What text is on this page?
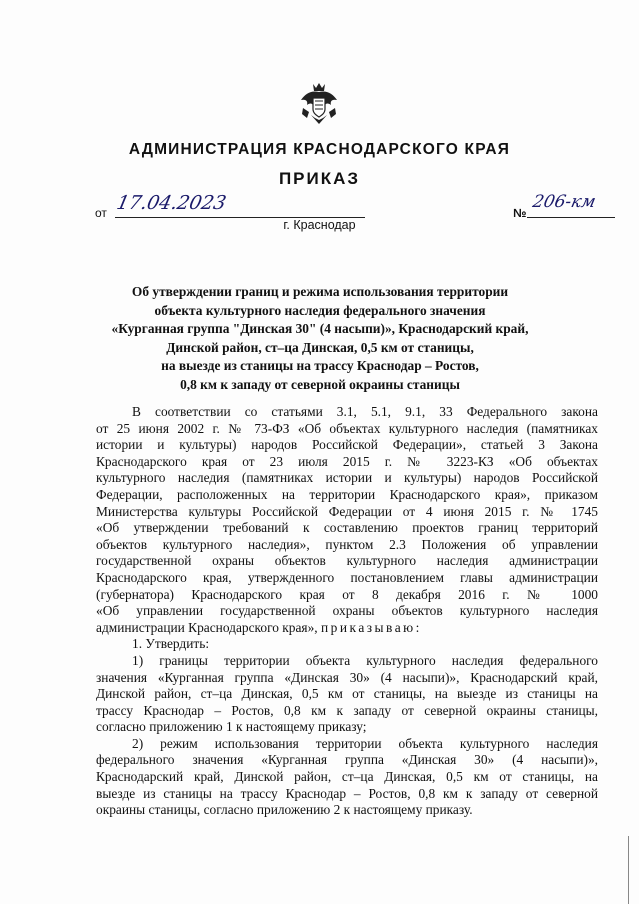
АДМИНИСТРАЦИЯ КРАСНОДАРСКОГО КРАЯ
ПРИКАЗ
от 17.04.2023	№
206-км
г. Краснодар
Об утверждении границ и режима использования территории
объекта культурного наследия федерального значения
«Курганная группа "Динская 30" (4 насыпи)», Краснодарский край,
Динской район, ст–ца Динская, 0,5 км от станицы,
на выезде из станицы на трассу Краснодар – Ростов,
0,8 км к западу от северной окраины станицы
В соответствии со статьями 3.1, 5.1, 9.1, 33 Федерального закона
от 25 июня 2002 г. № 73-ФЗ «Об объектах культурного наследия (памятниках
истории и культуры) народов Российской Федерации», статьей 3 Закона
Краснодарского края от 23 июля 2015 г. № 3223-КЗ «Об объектах
культурного наследия (памятниках истории и культуры) народов Российской
Федерации, расположенных на территории Краснодарского края», приказом
Министерства культуры Российской Федерации от 4 июня 2015 г. № 1745
«Об утверждении требований к составлению проектов границ территорий
объектов культурного наследия», пунктом 2.3 Положения об управлении
государственной охраны объектов культурного наследия администрации
Краснодарского края, утвержденного постановлением главы администрации
(губернатора) Краснодарского края от 8 декабря 2016 г. № 1000
«Об управлении государственной охраны объектов культурного наследия
администрации Краснодарского края», приказываю:
1. Утвердить:
1) границы территории объекта культурного наследия федерального
значения «Курганная группа «Динская 30» (4 насыпи)», Краснодарский край,
Динской район, ст–ца Динская, 0,5 км от станицы, на выезде из станицы на
трассу Краснодар – Ростов, 0,8 км к западу от северной окраины станицы,
согласно приложению 1 к настоящему приказу;
2) режим использования территории объекта культурного наследия
федерального значения «Курганная группа «Динская 30» (4 насыпи)»,
Краснодарский край, Динской район, ст–ца Динская, 0,5 км от станицы, на
выезде из станицы на трассу Краснодар – Ростов, 0,8 км к западу от северной
окраины станицы, согласно приложению 2 к настоящему приказу.
